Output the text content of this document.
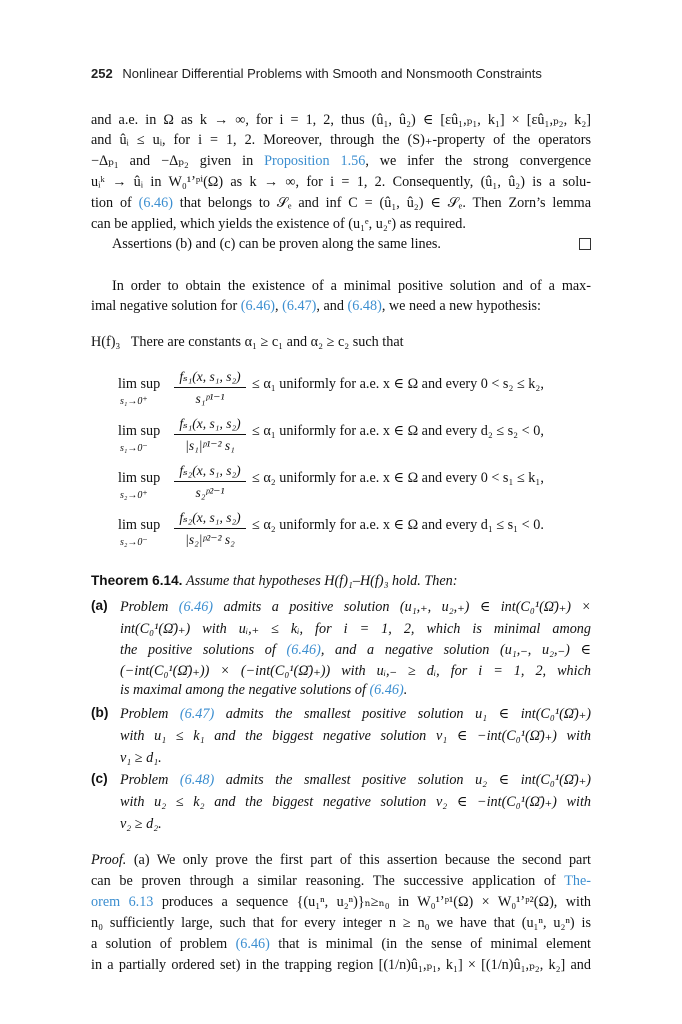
252 Nonlinear Differential Problems with Smooth and Nonsmooth Constraints
and a.e. in Ω as k → ∞, for i = 1, 2, thus (û₁, û₂) ∈ [εû₁,ₚ₁, k₁] × [εû₁,ₚ₂, k₂]
and ûᵢ ≤ uᵢ, for i = 1, 2. Moreover, through the (S)₊-property of the operators
−Δₚ₁ and −Δₚ₂ given in Proposition 1.56, we infer the strong convergence
uᵢᵏ → ûᵢ in W₀¹ʼᵖⁱ(Ω) as k → ∞, for i = 1, 2. Consequently, (û₁, û₂) is a solu-
tion of (6.46) that belongs to 𝒮ₑ and inf C = (û₁, û₂) ∈ 𝒮ₑ. Then Zorn’s lemma
can be applied, which yields the existence of (u₁ᵉ, u₂ᵉ) as required.
Assertions (b) and (c) can be proven along the same lines.
In order to obtain the existence of a minimal positive solution and of a max-
imal negative solution for (6.46), (6.47), and (6.48), we need a new hypothesis:
H(f)₃ There are constants α₁ ≥ c₁ and α₂ ≥ c₂ such that
lim sup
s₁→0⁺
fₛ₁(x, s₁, s₂)
s₁ᵖ¹⁻¹
≤ α₁ uniformly for a.e. x ∈ Ω and every 0 < s₂ ≤ k₂,
lim sup
s₁→0⁻
fₛ₁(x, s₁, s₂)
|s₁|ᵖ¹⁻² s₁
≤ α₁ uniformly for a.e. x ∈ Ω and every d₂ ≤ s₂ < 0,
lim sup
s₂→0⁺
fₛ₂(x, s₁, s₂)
s₂ᵖ²⁻¹
≤ α₂ uniformly for a.e. x ∈ Ω and every 0 < s₁ ≤ k₁,
lim sup
s₂→0⁻
fₛ₂(x, s₁, s₂)
|s₂|ᵖ²⁻² s₂
≤ α₂ uniformly for a.e. x ∈ Ω and every d₁ ≤ s₁ < 0.
Theorem 6.14. Assume that hypotheses H(f)₁–H(f)₃ hold. Then:
(a) Problem (6.46) admits a positive solution (u₁,₊, u₂,₊) ∈ int(C₀¹(Ω̄)₊) ×
int(C₀¹(Ω̄)₊) with uᵢ,₊ ≤ kᵢ, for i = 1, 2, which is minimal among
the positive solutions of (6.46), and a negative solution (u₁,₋, u₂,₋) ∈
(−int(C₀¹(Ω̄)₊)) × (−int(C₀¹(Ω̄)₊)) with uᵢ,₋ ≥ dᵢ, for i = 1, 2, which
is maximal among the negative solutions of (6.46).
(b) Problem (6.47) admits the smallest positive solution u₁ ∈ int(C₀¹(Ω̄)₊)
with u₁ ≤ k₁ and the biggest negative solution v₁ ∈ −int(C₀¹(Ω̄)₊) with
v₁ ≥ d₁.
(c) Problem (6.48) admits the smallest positive solution u₂ ∈ int(C₀¹(Ω̄)₊)
with u₂ ≤ k₂ and the biggest negative solution v₂ ∈ −int(C₀¹(Ω̄)₊) with
v₂ ≥ d₂.
Proof. (a) We only prove the first part of this assertion because the second part
can be proven through a similar reasoning. The successive application of The-
orem 6.13 produces a sequence {(u₁ⁿ, u₂ⁿ)}ₙ≥ₙ₀ in W₀¹ʼᵖ¹(Ω) × W₀¹ʼᵖ²(Ω), with
n₀ sufficiently large, such that for every integer n ≥ n₀ we have that (u₁ⁿ, u₂ⁿ) is
a solution of problem (6.46) that is minimal (in the sense of minimal element
in a partially ordered set) in the trapping region [(1/n)û₁,ₚ₁, k₁] × [(1/n)û₁,ₚ₂, k₂] and
